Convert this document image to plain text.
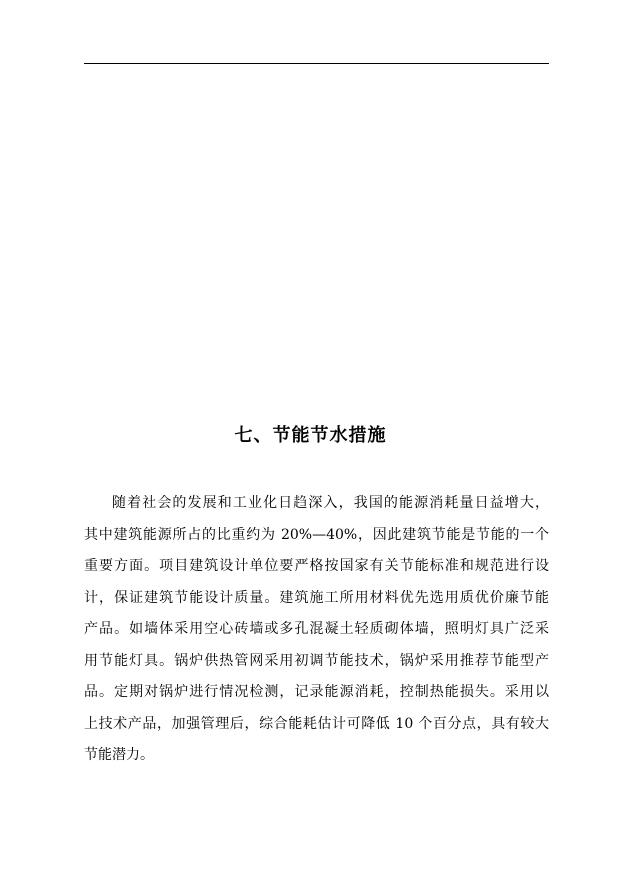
七、节能节水措施
随着社会的发展和工业化日趋深入，我国的能源消耗量日益增大，
其中建筑能源所占的比重约为 20%—40%，因此建筑节能是节能的一个
重要方面。项目建筑设计单位要严格按国家有关节能标准和规范进行设
计，保证建筑节能设计质量。建筑施工所用材料优先选用质优价廉节能
产品。如墙体采用空心砖墙或多孔混凝土轻质砌体墙，照明灯具广泛采
用节能灯具。锅炉供热管网采用初调节能技术，锅炉采用推荐节能型产
品。定期对锅炉进行情况检测，记录能源消耗，控制热能损失。采用以
上技术产品，加强管理后，综合能耗估计可降低 10 个百分点，具有较大
节能潜力。
